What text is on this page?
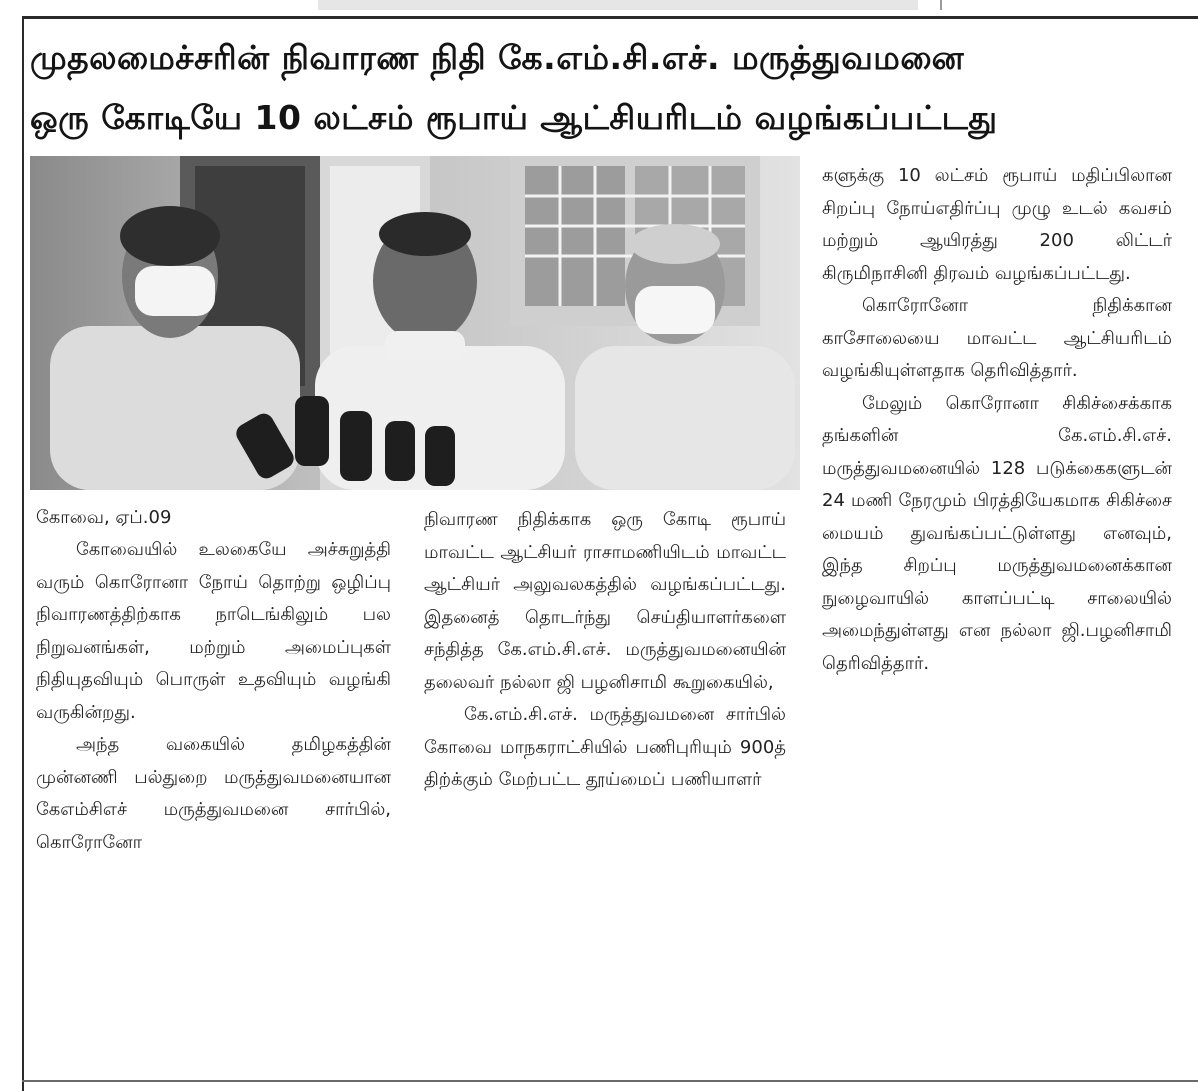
முதலமைச்சரின் நிவாரண நிதி கே.எம்.சி.எச். மருத்துவமனை
ஒரு கோடியே 10 லட்சம் ரூபாய் ஆட்சியரிடம் வழங்கப்பட்டது
கோவை, ஏப்.09

கோவையில் உலகையே அச்சுறுத்தி வரும் கொரோனா நோய் தொற்று ஒழிப்பு நிவாரணத்திற்காக நாடெங்கிலும் பல நிறுவனங்கள், மற்றும் அமைப்புகள் நிதியுதவியும் பொருள் உதவியும் வழங்கி வருகின்றது.

அந்த வகையில் தமிழகத்தின் முன்னணி பல்துறை மருத்துவமனையான கேஎம்சிஎச் மருத்துவமனை சார்பில், கொரோனோ

நிவாரண நிதிக்காக ஒரு கோடி ரூபாய் மாவட்ட ஆட்சியர் ராசாமணியிடம் மாவட்ட ஆட்சியர் அலுவலகத்தில் வழங்கப்பட்டது. இதனைத் தொடர்ந்து செய்தியாளர்களை சந்தித்த கே.எம்.சி.எச். மருத்துவமனையின் தலைவர் நல்லா ஜி பழனிசாமி கூறுகையில்,

கே.எம்.சி.எச். மருத்துவமனை சார்பில் கோவை மாநகராட்சியில் பணிபுரியும் 900த் திற்க்கும் மேற்பட்ட தூய்மைப் பணியாளர்

களுக்கு 10 லட்சம் ரூபாய் மதிப்பிலான சிறப்பு நோய்எதிர்ப்பு முழு உடல் கவசம் மற்றும் ஆயிரத்து 200 லிட்டர் கிருமிநாசினி திரவம் வழங்கப்பட்டது.

கொரோனோ நிதிக்கான காசோலையை மாவட்ட ஆட்சியரிடம் வழங்கியுள்ளதாக தெரிவித்தார்.

மேலும் கொரோனா சிகிச்சைக்காக தங்களின் கே.எம்.சி.எச். மருத்துவமனையில் 128 படுக்கைகளுடன் 24 மணி நேரமும் பிரத்தியேகமாக சிகிச்சை மையம் துவங்கப்பட்டுள்ளது எனவும், இந்த சிறப்பு மருத்துவமனைக்கான நுழைவாயில் காளப்பட்டி சாலையில் அமைந்துள்ளது என நல்லா ஜி.பழனிசாமி தெரிவித்தார்.
